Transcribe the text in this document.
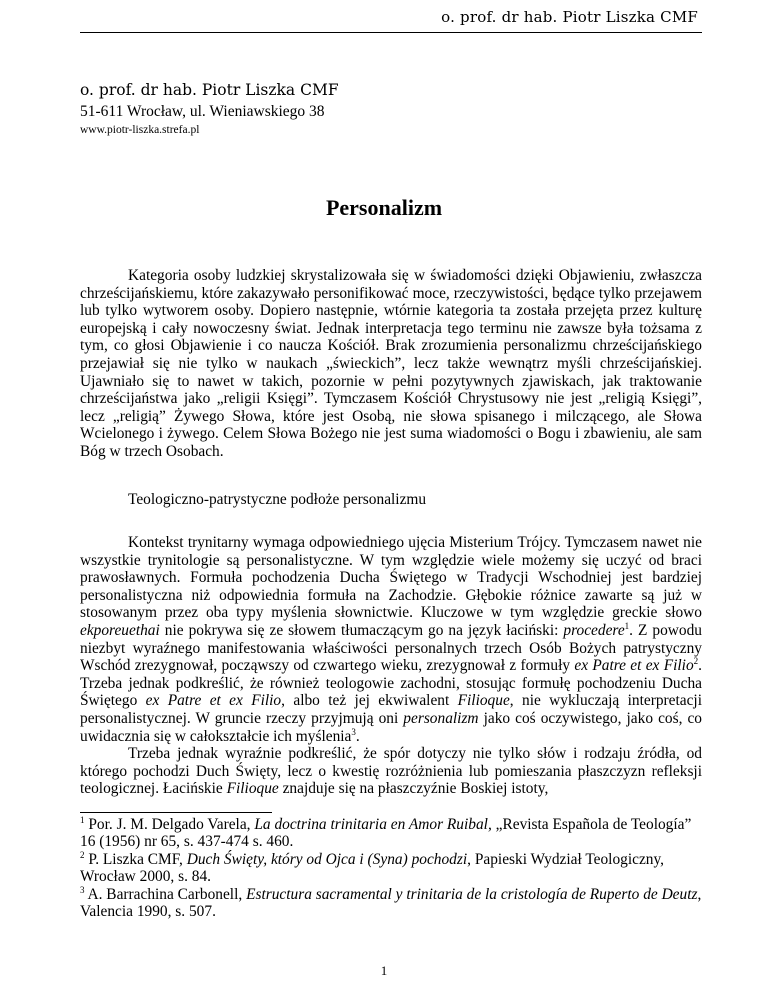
o. prof. dr hab. Piotr Liszka CMF
o. prof. dr hab. Piotr Liszka CMF
51-611 Wrocław, ul. Wieniawskiego 38
www.piotr-liszka.strefa.pl
Personalizm

Kategoria osoby ludzkiej skrystalizowała się w świadomości dzięki Objawieniu, zwłaszcza chrześcijańskiemu, które zakazywało personifikować moce, rzeczywistości, będące tylko przejawem lub tylko wytworem osoby. Dopiero następnie, wtórnie kategoria ta została przejęta przez kulturę europejską i cały nowoczesny świat. Jednak interpretacja tego terminu nie zawsze była tożsama z tym, co głosi Objawienie i co naucza Kościół. Brak zrozumienia personalizmu chrześcijańskiego przejawiał się nie tylko w naukach „świeckich”, lecz także wewnątrz myśli chrześcijańskiej. Ujawniało się to nawet w takich, pozornie w pełni pozytywnych zjawiskach, jak traktowanie chrześcijaństwa jako „religii Księgi”. Tymczasem Kościół Chrystusowy nie jest „religią Księgi”, lecz „religią” Żywego Słowa, które jest Osobą, nie słowa spisanego i milczącego, ale Słowa Wcielonego i żywego. Celem Słowa Bożego nie jest suma wiadomości o Bogu i zbawieniu, ale sam Bóg w trzech Osobach.

Teologiczno-patrystyczne podłoże personalizmu

Kontekst trynitarny wymaga odpowiedniego ujęcia Misterium Trójcy. Tymczasem nawet nie wszystkie trynitologie są personalistyczne. W tym względzie wiele możemy się uczyć od braci prawosławnych. Formuła pochodzenia Ducha Świętego w Tradycji Wschodniej jest bardziej personalistyczna niż odpowiednia formuła na Zachodzie. Głębokie różnice zawarte są już w stosowanym przez oba typy myślenia słownictwie. Kluczowe w tym względzie greckie słowo ekporeuethai nie pokrywa się ze słowem tłumaczącym go na język łaciński: procedere$^1$. Z powodu niezbyt wyraźnego manifestowania właściwości personalnych trzech Osób Bożych patrystyczny Wschód zrezygnował, począwszy od czwartego wieku, zrezygnował z formuły ex Patre et ex Filio$^2$. Trzeba jednak podkreślić, że również teologowie zachodni, stosując formułę pochodzeniu Ducha Świętego ex Patre et ex Filio, albo też jej ekwiwalent Filioque, nie wykluczają interpretacji personalistycznej. W gruncie rzeczy przyjmują oni personalizm jako coś oczywistego, jako coś, co uwidacznia się w całokształcie ich myślenia$^3$.

Trzeba jednak wyraźnie podkreślić, że spór dotyczy nie tylko słów i rodzaju źródła, od którego pochodzi Duch Święty, lecz o kwestię rozróżnienia lub pomieszania płaszczyzn refleksji teologicznej. Łacińskie Filioque znajduje się na płaszczyźnie Boskiej istoty,

$^1$ Por. J. M. Delgado Varela, La doctrina trinitaria en Amor Ruibal, „Revista Española de Teología” 16 (1956) nr 65, s. 437-474 s. 460.

$^2$ P. Liszka CMF, Duch Święty, który od Ojca i (Syna) pochodzi, Papieski Wydział Teologiczny, Wrocław 2000, s. 84.

$^3$ A. Barrachina Carbonell, Estructura sacramental y trinitaria de la cristología de Ruperto de Deutz, Valencia 1990, s. 507.

1
